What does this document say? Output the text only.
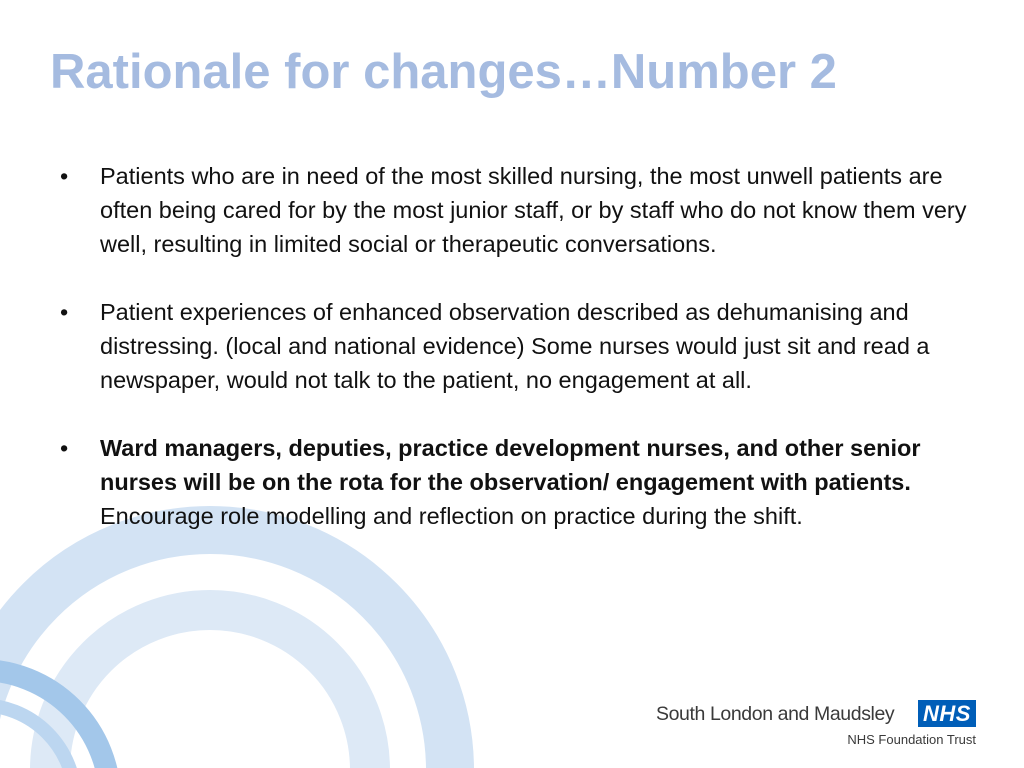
Rationale for changes…Number 2
• Patients who are in need of the most skilled nursing, the most unwell patients are often being cared for by the most junior staff, or by staff who do not know them very well, resulting in limited social or therapeutic conversations.
• Patient experiences of enhanced observation described as dehumanising and distressing. (local and national evidence) Some nurses would just sit and read a newspaper, would not talk to the patient, no engagement at all.
• Ward managers, deputies, practice development nurses, and other senior nurses will be on the rota for the observation/ engagement with patients.
Encourage role modelling and reflection on practice during the shift.
South London and Maudsley NHS
NHS Foundation Trust
